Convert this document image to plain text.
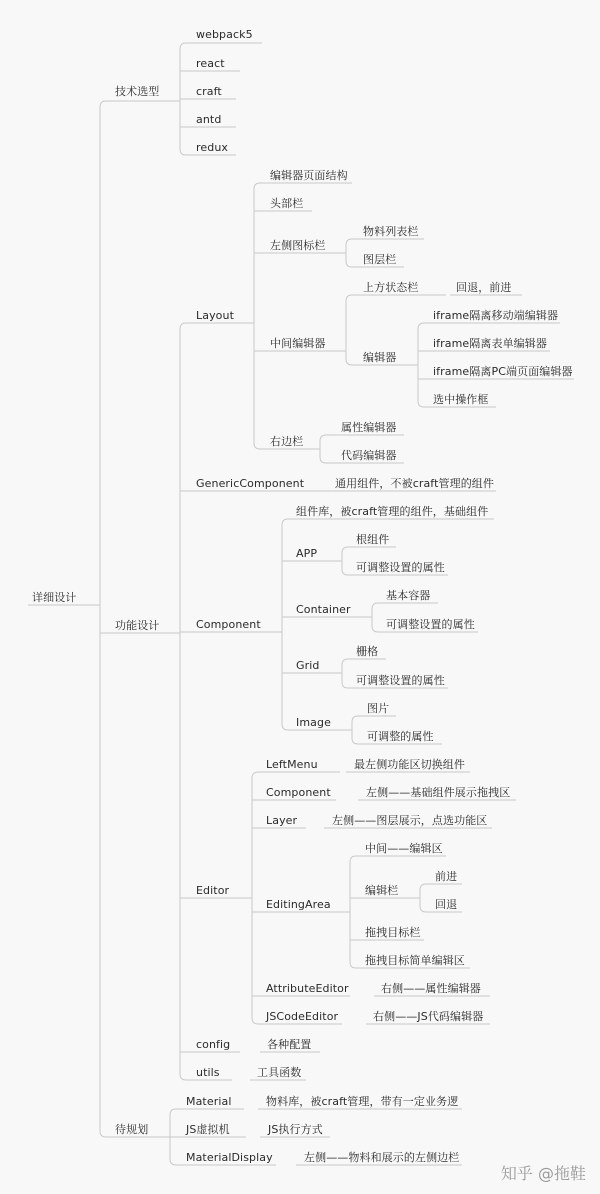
详细设计
技术选型
webpack5
react
craft
antd
redux
功能设计
Layout
编辑器页面结构
头部栏
左侧图标栏
物料列表栏
图层栏
中间编辑器
上方状态栏	回退，前进
编辑器
iframe隔离移动端编辑器
iframe隔离表单编辑器
iframe隔离PC端页面编辑器
选中操作框
右边栏
属性编辑器
代码编辑器
GenericComponent	通用组件，不被craft管理的组件
Component
组件库，被craft管理的组件，基础组件
APP
根组件
可调整设置的属性
Container
基本容器
可调整设置的属性
Grid
栅格
可调整设置的属性
Image
图片
可调整的属性
Editor
LeftMenu	最左侧功能区切换组件
Component	左侧——基础组件展示拖拽区
Layer	左侧——图层展示，点选功能区
EditingArea
中间——编辑区
编辑栏
前进
回退
拖拽目标栏
拖拽目标简单编辑区
AttributeEditor	右侧——属性编辑器
JSCodeEditor	右侧——JS代码编辑器
config	各种配置
utils	工具函数
待规划
Material	物料库，被craft管理，带有一定业务逻
JS虚拟机	JS执行方式
MaterialDisplay	左侧——物料和展示的左侧边栏
知乎 @拖鞋
